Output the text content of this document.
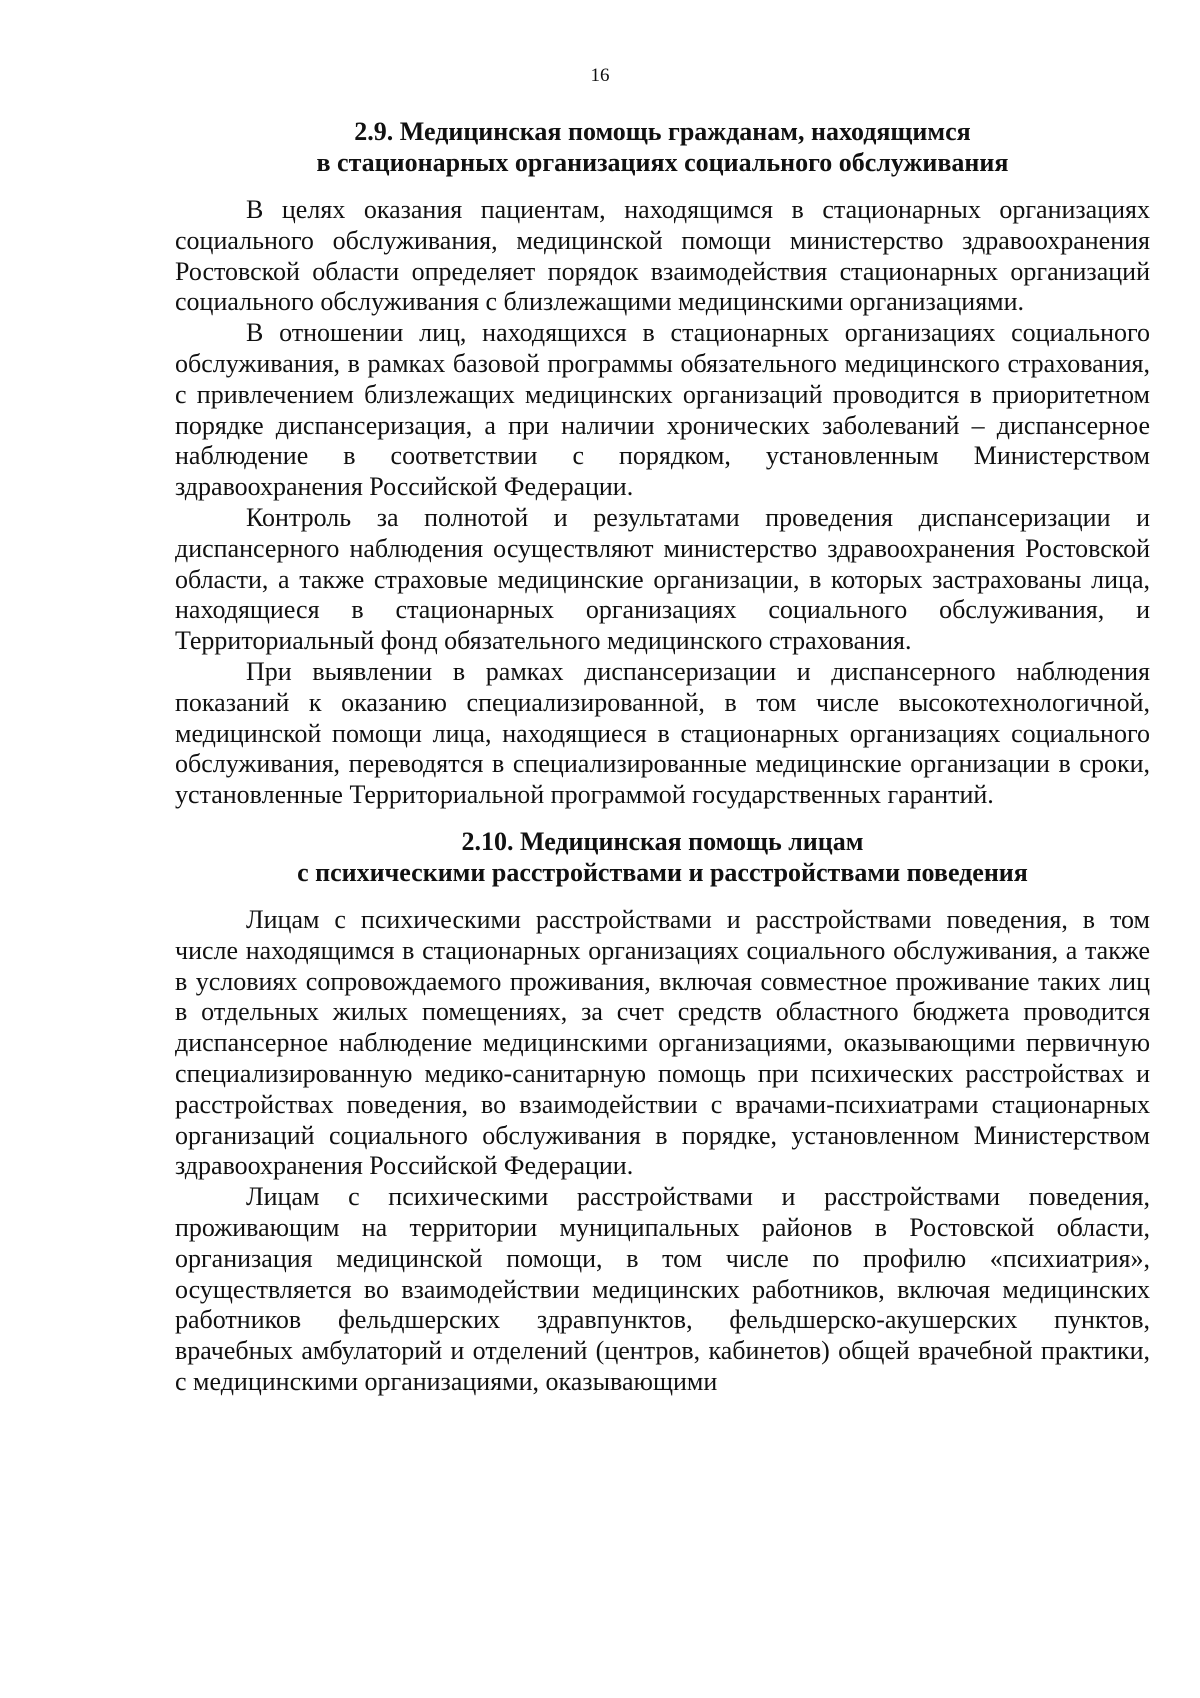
16
2.9. Медицинская помощь гражданам, находящимся
в стационарных организациях социального обслуживания

В целях оказания пациентам, находящимся в стационарных организациях социального обслуживания, медицинской помощи министерство здравоохранения Ростовской области определяет порядок взаимодействия стационарных организаций социального обслуживания с близлежащими медицинскими организациями.

В отношении лиц, находящихся в стационарных организациях социального обслуживания, в рамках базовой программы обязательного медицинского страхования, с привлечением близлежащих медицинских организаций проводится в приоритетном порядке диспансеризация, а при наличии хронических заболеваний – диспансерное наблюдение в соответствии с порядком, установленным Министерством здравоохранения Российской Федерации.

Контроль за полнотой и результатами проведения диспансеризации и диспансерного наблюдения осуществляют министерство здравоохранения Ростовской области, а также страховые медицинские организации, в которых застрахованы лица, находящиеся в стационарных организациях социального обслуживания, и Территориальный фонд обязательного медицинского страхования.

При выявлении в рамках диспансеризации и диспансерного наблюдения показаний к оказанию специализированной, в том числе высокотехнологичной, медицинской помощи лица, находящиеся в стационарных организациях социального обслуживания, переводятся в специализированные медицинские организации в сроки, установленные Территориальной программой государственных гарантий.

2.10. Медицинская помощь лицам
с психическими расстройствами и расстройствами поведения

Лицам с психическими расстройствами и расстройствами поведения, в том числе находящимся в стационарных организациях социального обслуживания, а также в условиях сопровождаемого проживания, включая совместное проживание таких лиц в отдельных жилых помещениях, за счет средств областного бюджета проводится диспансерное наблюдение медицинскими организациями, оказывающими первичную специализированную медико-санитарную помощь при психических расстройствах и расстройствах поведения, во взаимодействии с врачами-психиатрами стационарных организаций социального обслуживания в порядке, установленном Министерством здравоохранения Российской Федерации.

Лицам с психическими расстройствами и расстройствами поведения, проживающим на территории муниципальных районов в Ростовской области, организация медицинской помощи, в том числе по профилю «психиатрия», осуществляется во взаимодействии медицинских работников, включая медицинских работников фельдшерских здравпунктов, фельдшерско-акушерских пунктов, врачебных амбулаторий и отделений (центров, кабинетов) общей врачебной практики, с медицинскими организациями, оказывающими
